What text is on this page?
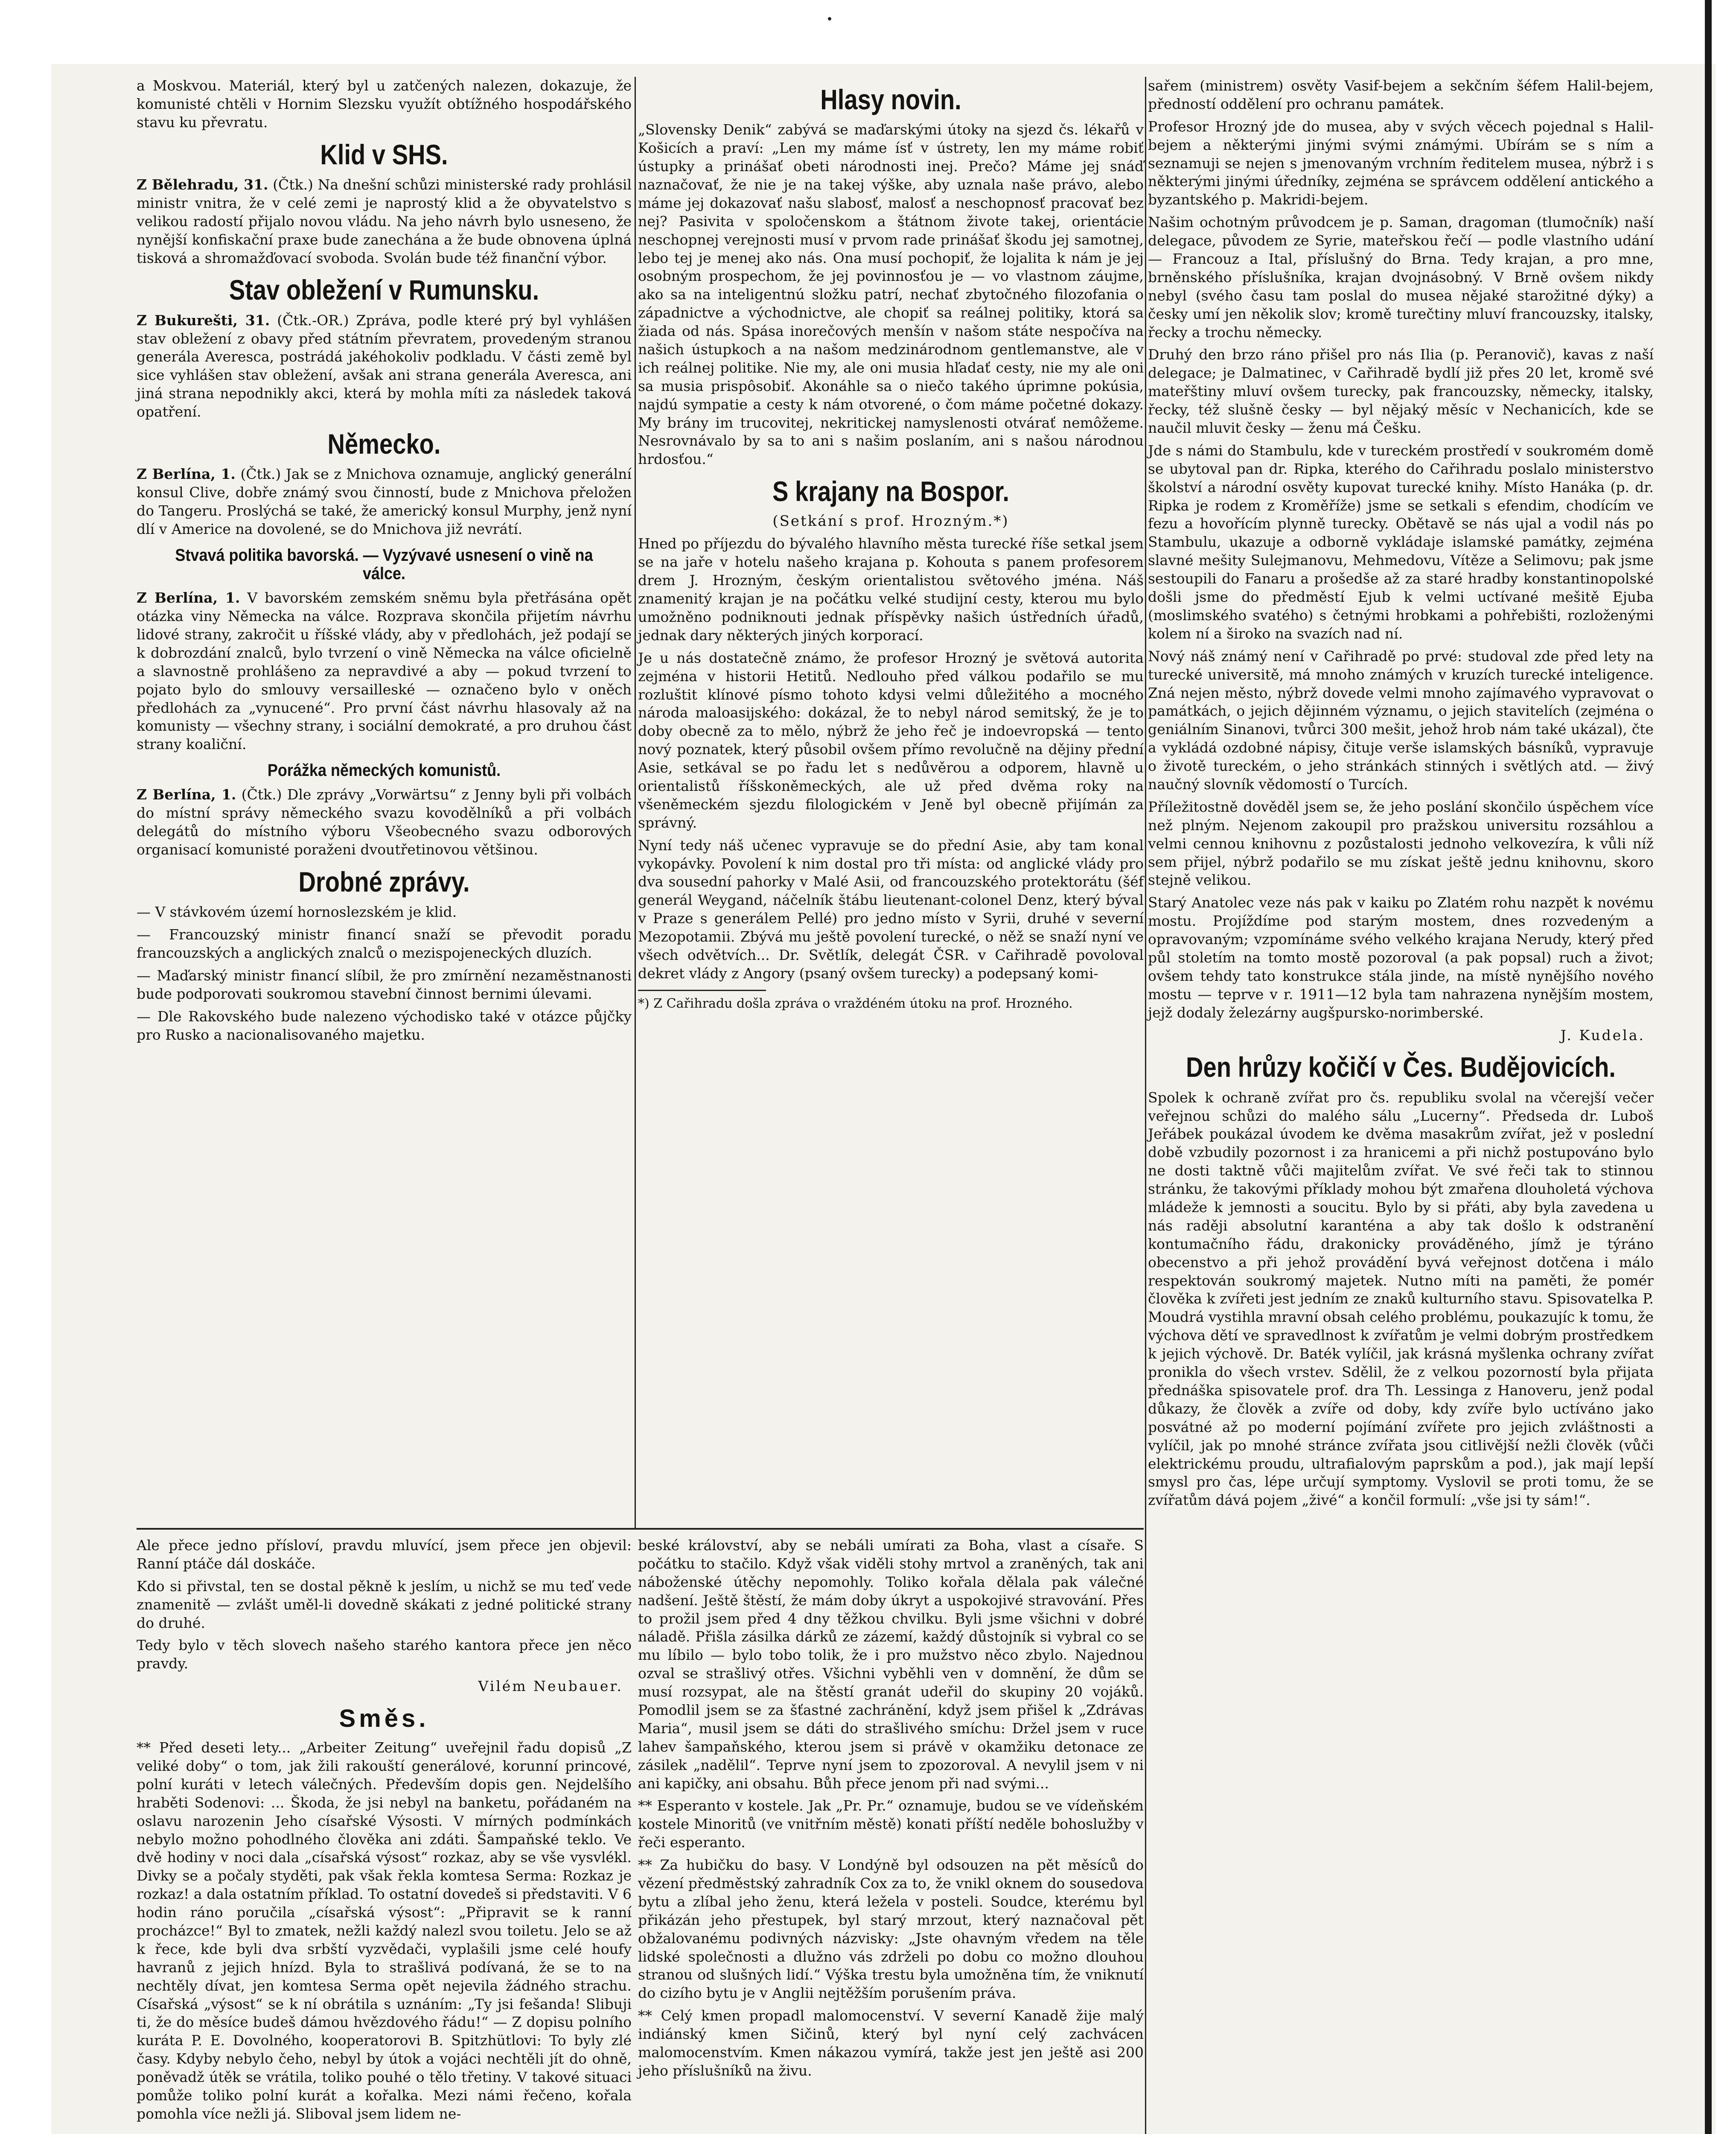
a Moskvou. Materiál, který byl u zatčených nalezen, dokazuje, že komunisté chtěli v Hornim Slezsku využít obtížného hospodářského stavu ku převratu.

Klid v SHS.

Z Bělehradu, 31. (Čtk.) Na dnešní schůzi ministerské rady prohlásil ministr vnitra, že v celé zemi je naprostý klid a že obyvatelstvo s velikou radostí přijalo novou vládu. Na jeho návrh bylo usneseno, že nynější konfiskační praxe bude zanechána a že bude obnovena úplná tisková a shromažďovací svoboda. Svolán bude též finanční výbor.

Stav obležení v Rumunsku.

Z Bukurešti, 31. (Čtk.-OR.) Zpráva, podle které prý byl vyhlášen stav obležení z obavy před státním převratem, provedeným stranou generála Averesca, postrádá jakéhokoliv podkladu. V části země byl sice vyhlášen stav obležení, avšak ani strana generála Averesca, ani jiná strana nepodnikly akci, která by mohla míti za následek taková opatření.

Německo.

Z Berlína, 1. (Čtk.) Jak se z Mnichova oznamuje, anglický generální konsul Clive, dobře známý svou činností, bude z Mnichova přeložen do Tangeru. Proslýchá se také, že americký konsul Murphy, jenž nyní dlí v Americe na dovolené, se do Mnichova již nevrátí.

Stvavá politika bavorská. — Vyzývavé usnesení o vině na válce.

Z Berlína, 1. V bavorském zemském sněmu byla přetřásána opět otázka viny Německa na válce. Rozprava skončila přijetím návrhu lidové strany, zakročit u říšské vlády, aby v předlohách, jež podají se k dobrozdání znalců, bylo tvrzení o vině Německa na válce oficielně a slavnostně prohlášeno za nepravdivé a aby — pokud tvrzení to pojato bylo do smlouvy versailleské — označeno bylo v oněch předlohách za „vynucené“. Pro první část návrhu hlasovaly až na komunisty — všechny strany, i sociální demokraté, a pro druhou část strany koaliční.

Porážka německých komunistů.

Z Berlína, 1. (Čtk.) Dle zprávy „Vorwärtsu“ z Jenny byli při volbách do místní správy německého svazu kovodělníků a při volbách delegátů do místního výboru Všeobecného svazu odborových organisací komunisté poraženi dvoutřetinovou většinou.

Drobné zprávy.

— V stávkovém území hornoslezském je klid.

— Francouzský ministr financí snaží se převodit poradu francouzských a anglických znalců o mezispojeneckých dluzích.

— Maďarský ministr financí slíbil, že pro zmírnění nezaměstnanosti bude podporovati soukromou stavební činnost bernimi úlevami.

— Dle Rakovského bude nalezeno východisko také v otázce půjčky pro Rusko a nacionalisovaného majetku.

Hlasy novin.

„Slovensky Denik“ zabývá se maďarskými útoky na sjezd čs. lékařů v Košicích a praví: „Len my máme ísť v ústrety, len my máme robiť ústupky a prinášať obeti národnosti inej. Prečo? Máme jej snáď naznačovať, že nie je na takej výške, aby uznala naše právo, alebo máme jej dokazovať našu slabosť, malosť a neschopnosť pracovať bez nej? Pasivita v spoločenskom a štátnom živote takej, orientácie neschopnej verejnosti musí v prvom rade prinášať škodu jej samotnej, lebo tej je menej ako nás. Ona musí pochopiť, že lojalita k nám je jej osobným prospechom, že jej povinnosťou je — vo vlastnom záujme, ako sa na inteligentnú složku patrí, nechať zbytočného filozofania o západnictve a východnictve, ale chopiť sa reálnej politiky, ktorá sa žiada od nás. Spása inorečových menšín v našom státe nespočíva na našich ústupkoch a na našom medzinárodnom gentlemanstve, ale v ich reálnej politike. Nie my, ale oni musia hľadať cesty, nie my ale oni sa musia prispôsobiť. Akonáhle sa o niečo takého úprimne pokúsia, najdú sympatie a cesty k nám otvorené, o čom máme početné dokazy. My brány im trucovitej, nekritickej namyslenosti otvárať nemôžeme. Nesrovnávalo by sa to ani s našim poslaním, ani s našou národnou hrdosťou.“

S krajany na Bospor.
(Setkání s prof. Hrozným.*)

Hned po příjezdu do bývalého hlavního města turecké říše setkal jsem se na jaře v hotelu našeho krajana p. Kohouta s panem profesorem drem J. Hrozným, českým orientalistou světového jména. Náš znamenitý krajan je na počátku velké studijní cesty, kterou mu bylo umožněno podniknouti jednak příspěvky našich ústředních úřadů, jednak dary některých jiných korporací.

Je u nás dostatečně známo, že profesor Hrozný je světová autorita zejména v historii Hetitů. Nedlouho před válkou podařilo se mu rozluštit klínové písmo tohoto kdysi velmi důležitého a mocného národa maloasijského: dokázal, že to nebyl národ semitský, že je to doby obecně za to mělo, nýbrž že jeho řeč je indoevropská — tento nový poznatek, který působil ovšem přímo revolučně na dějiny přední Asie, setkával se po řadu let s nedůvěrou a odporem, hlavně u orientalistů říšskoněmeckých, ale už před dvěma roky na všeněmeckém sjezdu filologickém v Jeně byl obecně přijímán za správný.

Nyní tedy náš učenec vypravuje se do přední Asie, aby tam konal vykopávky. Povolení k nim dostal pro tři místa: od anglické vlády pro dva sousední pahorky v Malé Asii, od francouzského protektorátu (šéf generál Weygand, náčelník štábu lieutenant-colonel Denz, který býval v Praze s generálem Pellé) pro jedno místo v Syrii, druhé v severní Mezopotamii. Zbývá mu ještě povolení turecké, o něž se snaží nyní ve všech odvětvích... Dr. Světlík, delegát ČSR. v Cařihradě povoloval dekret vlády z Angory (psaný ovšem turecky) a podepsaný komi-

*) Z Cařihradu došla zpráva o vraždéném útoku na prof. Hrozného.

sařem (ministrem) osvěty Vasif-bejem a sekčním šéfem Halil-bejem, předností oddělení pro ochranu památek.

Profesor Hrozný jde do musea, aby v svých věcech pojednal s Halil-bejem a některými jinými svými známými. Ubírám se s ním a seznamuji se nejen s jmenovaným vrchním ředitelem musea, nýbrž i s některými jinými úředníky, zejména se správcem oddělení antického a byzantského p. Makridi-bejem.

Našim ochotným průvodcem je p. Saman, dragoman (tlumočník) naší delegace, původem ze Syrie, mateřskou řečí — podle vlastního udání — Francouz a Ital, příslušný do Brna. Tedy krajan, a pro mne, brněnského příslušníka, krajan dvojnásobný. V Brně ovšem nikdy nebyl (svého času tam poslal do musea nějaké starožitné dýky) a česky umí jen několik slov; kromě turečtiny mluví francouzsky, italsky, řecky a trochu německy.

Druhý den brzo ráno přišel pro nás Ilia (p. Peranovič), kavas z naší delegace; je Dalmatinec, v Cařihradě bydlí již přes 20 let, kromě své mateřštiny mluví ovšem turecky, pak francouzsky, německy, italsky, řecky, též slušně česky — byl nějaký měsíc v Nechanicích, kde se naučil mluvit česky — ženu má Češku.

Jde s námi do Stambulu, kde v tureckém prostředí v soukromém domě se ubytoval pan dr. Ripka, kterého do Cařihradu poslalo ministerstvo školství a národní osvěty kupovat turecké knihy. Místo Hanáka (p. dr. Ripka je rodem z Kroměříže) jsme se setkali s efendim, chodícím ve fezu a hovořícím plynně turecky. Obětavě se nás ujal a vodil nás po Stambulu, ukazuje a odborně vykládaje islamské památky, zejména slavné mešity Sulejmanovu, Mehmedovu, Vítěze a Selimovu; pak jsme sestoupili do Fanaru a prošedše až za staré hradby konstantinopolské došli jsme do předměstí Ejub k velmi uctívané mešitě Ejuba (moslimského svatého) s četnými hrobkami a pohřebišti, rozloženými kolem ní a široko na svazích nad ní.

Nový náš známý není v Cařihradě po prvé: studoval zde před lety na turecké universitě, má mnoho známých v kruzích turecké inteligence. Zná nejen město, nýbrž dovede velmi mnoho zajímavého vypravovat o památkách, o jejich dějinném významu, o jejich stavitelích (zejména o geniálním Sinanovi, tvůrci 300 mešit, jehož hrob nám také ukázal), čte a vykládá ozdobné nápisy, čituje verše islamských básníků, vypravuje o životě tureckém, o jeho stránkách stinných i světlých atd. — živý naučný slovník vědomostí o Turcích.

Příležitostně dověděl jsem se, že jeho poslání skončilo úspěchem více než plným. Nejenom zakoupil pro pražskou universitu rozsáhlou a velmi cennou knihovnu z pozůstalosti jednoho velkovezíra, k vůli níž sem přijel, nýbrž podařilo se mu získat ještě jednu knihovnu, skoro stejně velikou.

Starý Anatolec veze nás pak v kaiku po Zlatém rohu nazpět k novému mostu. Projíždíme pod starým mostem, dnes rozvedeným a opravovaným; vzpomínáme svého velkého krajana Nerudy, který před půl stoletím na tomto mostě pozoroval (a pak popsal) ruch a život; ovšem tehdy tato konstrukce stála jinde, na místě nynějšího nového mostu — teprve v r. 1911—12 byla tam nahrazena nynějším mostem, jejž dodaly železárny augšpursko-norimberské.

J. Kudela.

Den hrůzy kočičí v Čes. Budějovicích.

Spolek k ochraně zvířat pro čs. republiku svolal na včerejší večer veřejnou schůzi do malého sálu „Lucerny“. Předseda dr. Luboš Jeřábek poukázal úvodem ke dvěma masakrům zvířat, jež v poslední době vzbudily pozornost i za hranicemi a při nichž postupováno bylo ne dosti taktně vůči majitelům zvířat. Ve své řeči tak to stinnou stránku, že takovými příklady mohou být zmařena dlouholetá výchova mládeže k jemnosti a soucitu. Bylo by si přáti, aby byla zavedena u nás raději absolutní karanténa a aby tak došlo k odstranění kontumačního řádu, drakonicky prováděného, jímž je týráno obecenstvo a při jehož provádění byvá veřejnost dotčena i málo respektován soukromý majetek. Nutno míti na paměti, že pomér člověka k zvířeti jest jedním ze znaků kulturního stavu. Spisovatelka P. Moudrá vystihla mravní obsah celého problému, poukazujíc k tomu, že výchova dětí ve spravedlnost k zvířatům je velmi dobrým prostředkem k jejich výchově. Dr. Baték vylíčil, jak krásná myšlenka ochrany zvířat pronikla do všech vrstev. Sdělil, že z velkou pozorností byla přijata přednáška spisovatele prof. dra Th. Lessinga z Hanoveru, jenž podal důkazy, že člověk a zvíře od doby, kdy zvíře bylo uctíváno jako posvátné až po moderní pojímání zvířete pro jejich zvláštnosti a vylíčil, jak po mnohé stránce zvířata jsou citlivější nežli člověk (vůči elektrickému proudu, ultrafialovým paprskům a pod.), jak mají lepší smysl pro čas, lépe určují symptomy. Vyslovil se proti tomu, že se zvířatům dává pojem „živé“ a končil formulí: „vše jsi ty sám!“.

Ale přece jedno přísloví, pravdu mluvící, jsem přece jen objevil: Ranní ptáče dál doskáče.

Kdo si přivstal, ten se dostal pěkně k jeslím, u nichž se mu teď vede znamenitě — zvlášt uměl-li dovedně skákati z jedné politické strany do druhé.

Tedy bylo v těch slovech našeho starého kantora přece jen něco pravdy.

Vilém Neubauer.

Směs.

** Před deseti lety... „Arbeiter Zeitung“ uveřejnil řadu dopisů „Z veliké doby“ o tom, jak žili rakouští generálové, korunní princové, polní kuráti v letech válečných. Především dopis gen. Nejdelšího hraběti Sodenovi: ... Škoda, že jsi nebyl na banketu, pořádaném na oslavu narozenin Jeho císařské Výsosti. V mírných podmínkách nebylo možno pohodlného člověka ani zdáti. Šampaňské teklo. Ve dvě hodiny v noci dala „císařská výsost“ rozkaz, aby se vše vysvlékl. Divky se a počaly styděti, pak však řekla komtesa Serma: Rozkaz je rozkaz! a dala ostatním příklad. To ostatní dovedeš si představiti. V 6 hodin ráno poručila „císařská výsost“: „Připravit se k ranní procházce!“ Byl to zmatek, nežli každý nalezl svou toiletu. Jelo se až k řece, kde byli dva srbští vyzvědači, vyplašili jsme celé houfy havranů z jejich hnízd. Byla to strašlivá podívaná, že se to na nechtěly dívat, jen komtesa Serma opět nejevila žádného strachu. Císařská „výsost“ se k ní obrátila s uznáním: „Ty jsi fešanda! Slibuji ti, že do měsíce budeš dámou hvězdového řádu!“ — Z dopisu polního kuráta P. E. Dovolného, kooperatorovi B. Spitzhütlovi: To byly zlé časy. Kdyby nebylo čeho, nebyl by útok a vojáci nechtěli jít do ohně, poněvadž útěk se vrátila, toliko pouhé o tělo třetiny. V takové situaci pomůže toliko polní kurát a kořalka. Mezi námi řečeno, kořala pomohla více nežli já. Sliboval jsem lidem ne-

beské království, aby se nebáli umírati za Boha, vlast a císaře. S počátku to stačilo. Když však viděli stohy mrtvol a zraněných, tak ani náboženské útěchy nepomohly. Toliko kořala dělala pak válečné nadšení. Ještě štěstí, že mám doby úkryt a uspokojivé stravování. Přes to prožil jsem před 4 dny těžkou chvilku. Byli jsme všichni v dobré náladě. Přišla zásilka dárků ze zázemí, každý důstojník si vybral co se mu líbilo — bylo tobo tolik, že i pro mužstvo něco zbylo. Najednou ozval se strašlivý otřes. Všichni vyběhli ven v domnění, že dům se musí rozsypat, ale na štěstí granát udeřil do skupiny 20 vojáků. Pomodlil jsem se za šťastné zachránění, když jsem přišel k „Zdrávas Maria“, musil jsem se dáti do strašlivého smíchu: Držel jsem v ruce lahev šampaňského, kterou jsem si právě v okamžiku detonace ze zásilek „nadělil“. Teprve nyní jsem to zpozoroval. A nevylil jsem v ni ani kapičky, ani obsahu. Bůh přece jenom při nad svými...

** Esperanto v kostele. Jak „Pr. Pr.“ oznamuje, budou se ve vídeňském kostele Minoritů (ve vnitřním městě) konati příští neděle bohoslužby v řeči esperanto.

** Za hubičku do basy. V Londýně byl odsouzen na pět měsíců do vězení předměstský zahradník Cox za to, že vnikl oknem do sousedova bytu a zlíbal jeho ženu, která ležela v posteli. Soudce, kterému byl přikázán jeho přestupek, byl starý mrzout, který naznačoval pět obžalovanému podivných názvisky: „Jste ohavným vředem na těle lidské společnosti a dlužno vás zdrželi po dobu co možno dlouhou stranou od slušných lidí.“ Výška trestu byla umožněna tím, že vniknutí do cizího bytu je v Anglii nejtěžším porušením práva.

** Celý kmen propadl malomocenství. V severní Kanadě žije malý indiánský kmen Sičinů, který byl nyní celý zachvácen malomocenstvím. Kmen nákazou vymírá, takže jest jen ještě asi 200 jeho příslušníků na živu.
